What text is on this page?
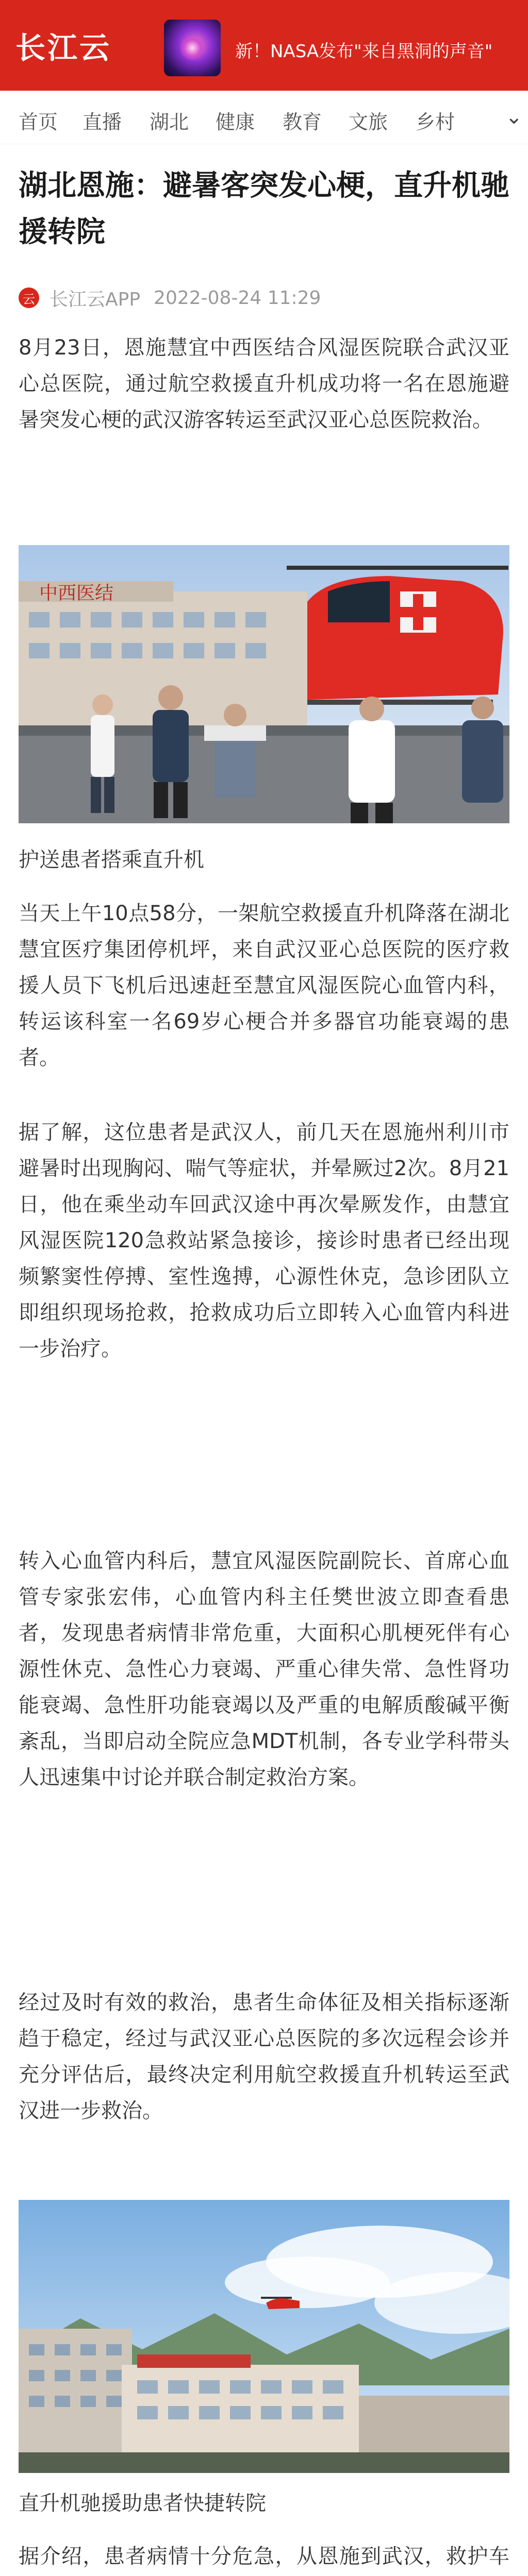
长江云	新！NASA发布"来自黑洞的声音"
首页 直播 湖北 健康 教育 文旅 乡村 ⌄
湖北恩施：避暑客突发心梗，直升机驰援转院
云 长江云APP 2022-08-24 11:29
8月23日，恩施慧宜中西医结合风湿医院联合武汉亚心总医院，通过航空救援直升机成功将一名在恩施避暑突发心梗的武汉游客转运至武汉亚心总医院救治。
中西医结
护送患者搭乘直升机
当天上午10点58分，一架航空救援直升机降落在湖北慧宜医疗集团停机坪，来自武汉亚心总医院的医疗救援人员下飞机后迅速赶至慧宜风湿医院心血管内科，转运该科室一名69岁心梗合并多器官功能衰竭的患者。
据了解，这位患者是武汉人，前几天在恩施州利川市避暑时出现胸闷、喘气等症状，并晕厥过2次。8月21日，他在乘坐动车回武汉途中再次晕厥发作，由慧宜风湿医院120急救站紧急接诊，接诊时患者已经出现频繁窦性停搏、室性逸搏，心源性休克，急诊团队立即组织现场抢救，抢救成功后立即转入心血管内科进一步治疗。
转入心血管内科后，慧宜风湿医院副院长、首席心血管专家张宏伟，心血管内科主任樊世波立即查看患者，发现患者病情非常危重，大面积心肌梗死伴有心源性休克、急性心力衰竭、严重心律失常、急性肾功能衰竭、急性肝功能衰竭以及严重的电解质酸碱平衡紊乱，当即启动全院应急MDT机制，各专业学科带头人迅速集中讨论并联合制定救治方案。
经过及时有效的救治，患者生命体征及相关指标逐渐趋于稳定，经过与武汉亚心总医院的多次远程会诊并充分评估后，最终决定利用航空救援直升机转运至武汉进一步救治。
直升机驰援助患者快捷转院
据介绍，患者病情十分危急，从恩施到武汉，救护车
